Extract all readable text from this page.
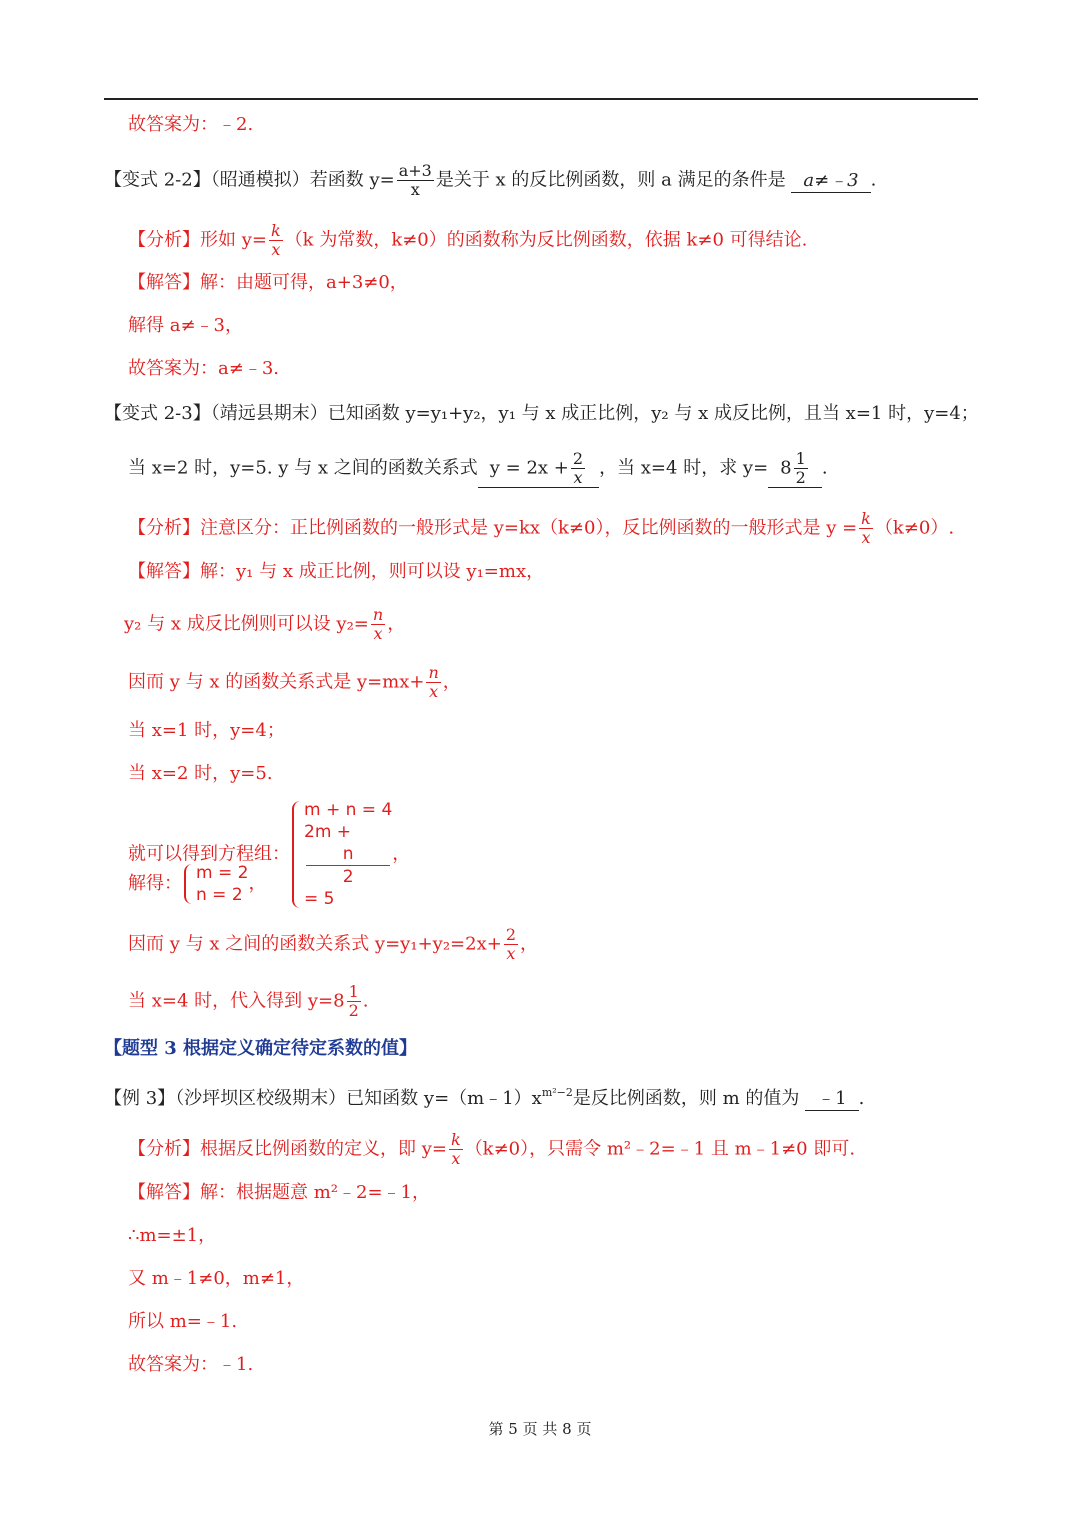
故答案为：﹣2.
【变式 2-2】（昭通模拟）若函数 $y= \frac{a+3}{x}$ 是关于 x 的反比例函数，则 a 满足的条件是 a≠﹣3 .
【分析】形如 $y= \frac{k}{x} (k$ 为常数，k≠0）的函数称为反比例函数，依据 k≠0 可得结论.
【解答】解：由题可得，a+3≠0，
解得 a≠﹣3，
故答案为：a≠﹣3.
【变式 2-3】（靖远县期末）已知函数 y=y₁+y₂，y₁ 与 x 成正比例，y₂ 与 x 成反比例，且当 x=1 时，y=4；
当 x=2 时，y=5. y 与 x 之间的函数关系式 $y = 2x + \frac{2}{x}$ ，当 x=4 时，求 $y= 8 \frac{1}{2}$ .
【分析】注意区分：正比例函数的一般形式是 y=kx（k≠0），反比例函数的一般形式是 $y = \frac{k}{x} (k\ne 0)$.
【解答】解：y₁ 与 x 成正比例，则可以设 y₁=mx，
y₂ 与 x 成反比例则可以设 $y_2= \frac{n}{x}$ ，
因而 y 与 x 的函数关系式是 $y=mx+ \frac{n}{x}$ ，
当 x=1 时，y=4；
当 x=2 时，y=5.
就可以得到方程组：
m + n = 4
2m +
n
2
= 5
，
解得： m = 2
n = 2
，
因而 y 与 x 之间的函数关系式 $y=y_1+y_2=2x+ \frac{2}{x}$ ，
当 x=4 时，代入得到 $y=8 \frac{1}{2}$ .
【题型 3 根据定义确定待定系数的值】
【例 3】（沙坪坝区校级期末）已知函数 $y=(m﹣1)x^{m^2-2}$是反比例函数，则 m 的值为 ﹣1 .
【分析】根据反比例函数的定义，即 $y= \frac{k}{x} (k\ne 0)$，只需令 m²﹣2=﹣1 且 m﹣1≠0 即可.
【解答】解：根据题意 m²﹣2=﹣1，
∴m=±1，
又 m﹣1≠0，m≠1，
所以 m=﹣1.
故答案为：﹣1.
第 5 页 共 8 页
